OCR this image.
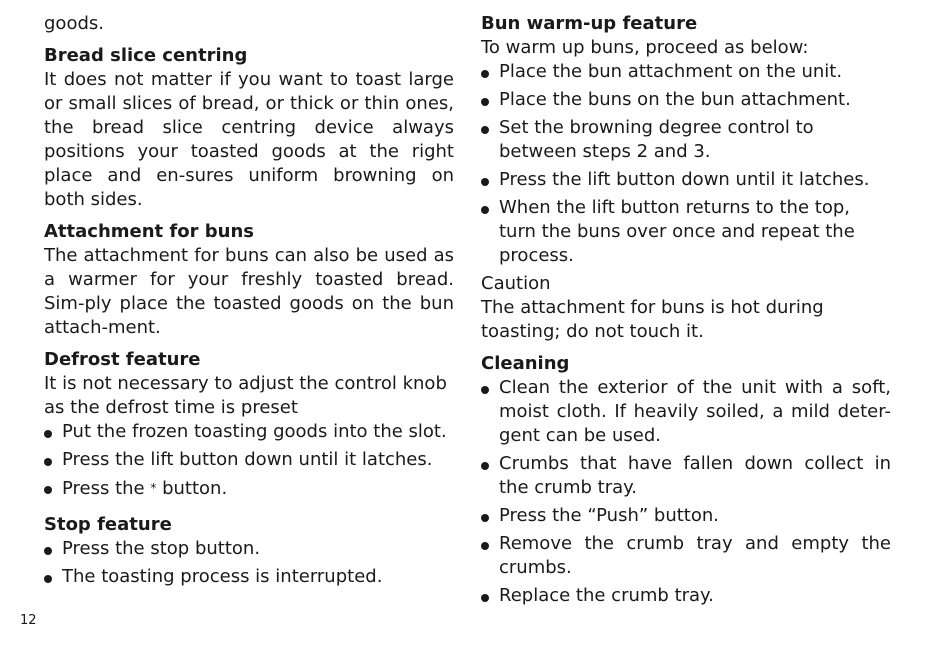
goods.

Bread slice centring

It does not matter if you want to toast large or small slices of bread, or thick or thin ones, the bread slice centring device always positions your toasted goods at the right place and en-sures uniform browning on both sides.

Attachment for buns

The attachment for buns can also be used as a warmer for your freshly toasted bread. Sim-ply place the toasted goods on the bun attach-ment.

Defrost feature

It is not necessary to adjust the control knob as the defrost time is preset

Put the frozen toasting goods into the slot.
Press the lift button down until it latches.
Press the * button.
Stop feature
Press the stop button.
The toasting process is interrupted.
Bun warm-up feature

To warm up buns, proceed as below:

Place the bun attachment on the unit.
Place the buns on the bun attachment.
Set the browning degree control to between steps 2 and 3.
Press the lift button down until it latches.
When the lift button returns to the top, turn the buns over once and repeat the process.

Caution

The attachment for buns is hot during toasting; do not touch it.

Cleaning
Clean the exterior of the unit with a soft, moist cloth. If heavily soiled, a mild deter-gent can be used.
Crumbs that have fallen down collect in the crumb tray.
Press the “Push” button.
Remove the crumb tray and empty the crumbs.
Replace the crumb tray.
12
